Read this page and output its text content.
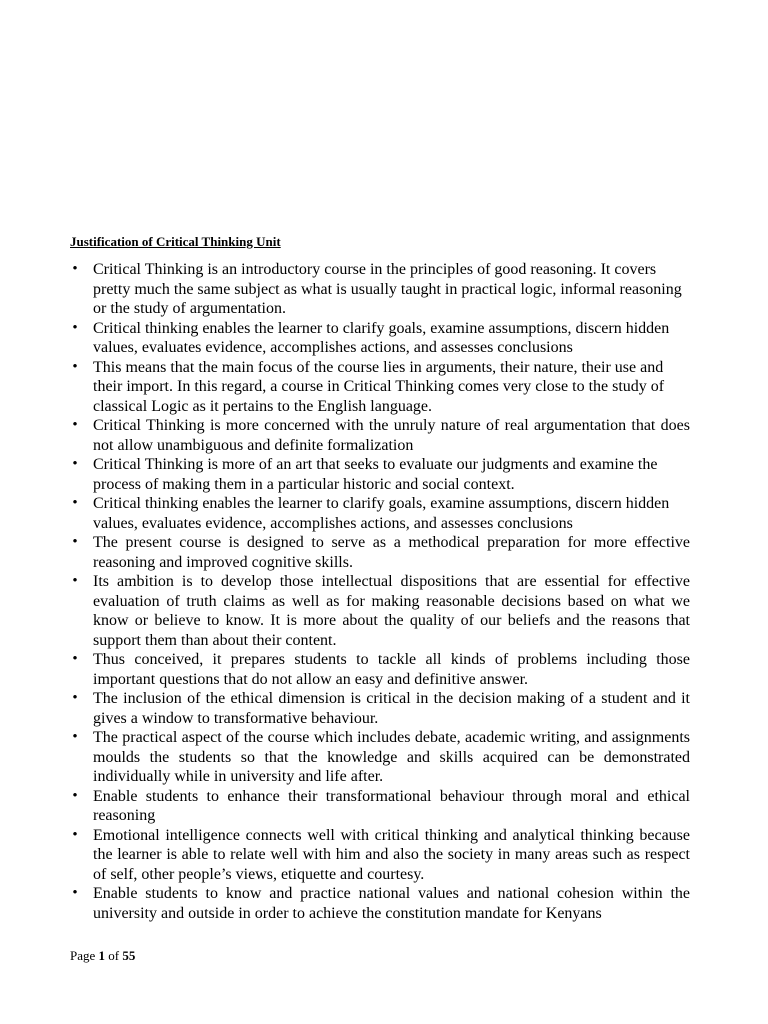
Justification of Critical Thinking Unit
• Critical Thinking is an introductory course in the principles of good reasoning. It covers pretty much the same subject as what is usually taught in practical logic, informal reasoning or the study of argumentation.
• Critical thinking enables the learner to clarify goals, examine assumptions, discern hidden values, evaluates evidence, accomplishes actions, and assesses conclusions
• This means that the main focus of the course lies in arguments, their nature, their use and their import. In this regard, a course in Critical Thinking comes very close to the study of classical Logic as it pertains to the English language.
• Critical Thinking is more concerned with the unruly nature of real argumentation that does not allow unambiguous and definite formalization
• Critical Thinking is more of an art that seeks to evaluate our judgments and examine the process of making them in a particular historic and social context.
• Critical thinking enables the learner to clarify goals, examine assumptions, discern hidden values, evaluates evidence, accomplishes actions, and assesses conclusions
• The present course is designed to serve as a methodical preparation for more effective reasoning and improved cognitive skills.
• Its ambition is to develop those intellectual dispositions that are essential for effective evaluation of truth claims as well as for making reasonable decisions based on what we know or believe to know. It is more about the quality of our beliefs and the reasons that support them than about their content.
• Thus conceived, it prepares students to tackle all kinds of problems including those important questions that do not allow an easy and definitive answer.
• The inclusion of the ethical dimension is critical in the decision making of a student and it gives a window to transformative behaviour.
• The practical aspect of the course which includes debate, academic writing, and assignments moulds the students so that the knowledge and skills acquired can be demonstrated individually while in university and life after.
• Enable students to enhance their transformational behaviour through moral and ethical reasoning
• Emotional intelligence connects well with critical thinking and analytical thinking because the learner is able to relate well with him and also the society in many areas such as respect of self, other people’s views, etiquette and courtesy.
• Enable students to know and practice national values and national cohesion within the university and outside in order to achieve the constitution mandate for Kenyans
Page 1 of 55
